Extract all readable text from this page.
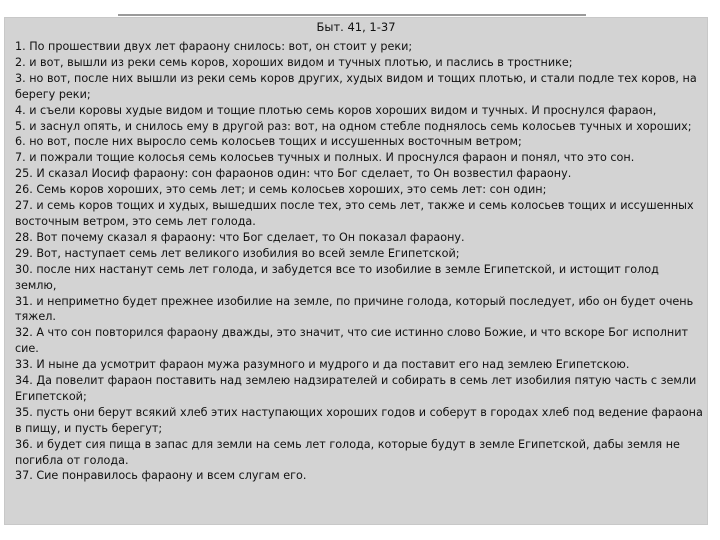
Быт. 41, 1-37
1. По прошествии двух лет фараону снилось: вот, он стоит у реки;
2. и вот, вышли из реки семь коров, хороших видом и тучных плотью, и паслись в тростнике;
3. но вот, после них вышли из реки семь коров других, худых видом и тощих плотью, и стали подле тех коров, на берегу реки;
4. и съели коровы худые видом и тощие плотью семь коров хороших видом и тучных. И проснулся фараон,
5. и заснул опять, и снилось ему в другой раз: вот, на одном стебле поднялось семь колосьев тучных и хороших;
6. но вот, после них выросло семь колосьев тощих и иссушенных восточным ветром;
7. и пожрали тощие колосья семь колосьев тучных и полных. И проснулся фараон и понял, что это сон.
25. И сказал Иосиф фараону: сон фараонов один: что Бог сделает, то Он возвестил фараону.
26. Семь коров хороших, это семь лет; и семь колосьев хороших, это семь лет: сон один;
27. и семь коров тощих и худых, вышедших после тех, это семь лет, также и семь колосьев тощих и иссушенных восточным ветром, это семь лет голода.
28. Вот почему сказал я фараону: что Бог сделает, то Он показал фараону.
29. Вот, наступает семь лет великого изобилия во всей земле Египетской;
30. после них настанут семь лет голода, и забудется все то изобилие в земле Египетской, и истощит голод землю,
31. и неприметно будет прежнее изобилие на земле, по причине голода, который последует, ибо он будет очень тяжел.
32. А что сон повторился фараону дважды, это значит, что сие истинно слово Божие, и что вскоре Бог исполнит сие.
33. И ныне да усмотрит фараон мужа разумного и мудрого и да поставит его над землею Египетскою.
34. Да повелит фараон поставить над землею надзирателей и собирать в семь лет изобилия пятую часть с земли Египетской;
35. пусть они берут всякий хлеб этих наступающих хороших годов и соберут в городах хлеб под ведение фараона в пищу, и пусть берегут;
36. и будет сия пища в запас для земли на семь лет голода, которые будут в земле Египетской, дабы земля не погибла от голода.
37. Сие понравилось фараону и всем слугам его.
